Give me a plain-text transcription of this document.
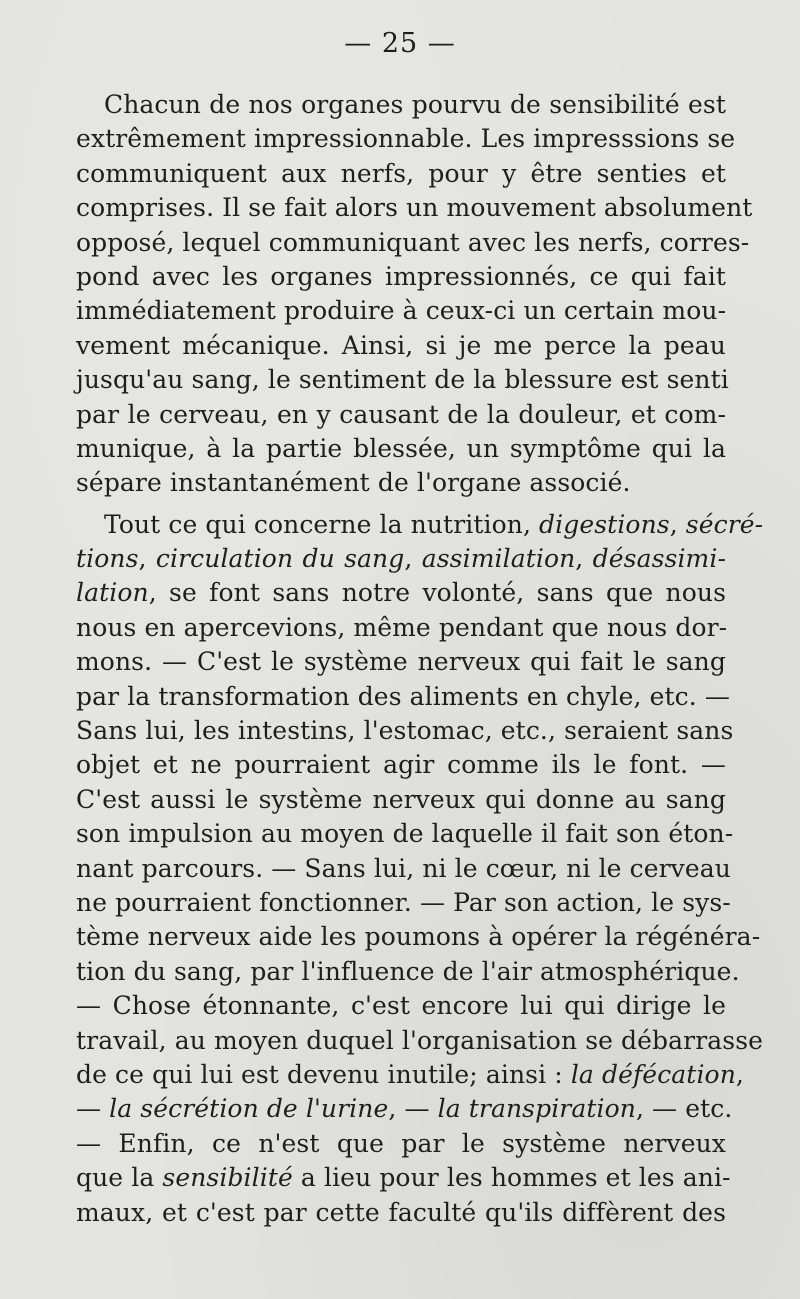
— 25 —
Chacun de nos organes pourvu de sensibilité est
extrêmement impressionnable. Les impresssions se
communiquent aux nerfs, pour y être senties et
comprises. Il se fait alors un mouvement absolument
opposé, lequel communiquant avec les nerfs, corres-
pond avec les organes impressionnés, ce qui fait
immédiatement produire à ceux-ci un certain mou-
vement mécanique. Ainsi, si je me perce la peau
jusqu'au sang, le sentiment de la blessure est senti
par le cerveau, en y causant de la douleur, et com-
munique, à la partie blessée, un symptôme qui la
sépare instantanément de l'organe associé.
Tout ce qui concerne la nutrition, digestions, sécré-
tions, circulation du sang, assimilation, désassimi-
lation, se font sans notre volonté, sans que nous
nous en apercevions, même pendant que nous dor-
mons. — C'est le système nerveux qui fait le sang
par la transformation des aliments en chyle, etc. —
Sans lui, les intestins, l'estomac, etc., seraient sans
objet et ne pourraient agir comme ils le font. —
C'est aussi le système nerveux qui donne au sang
son impulsion au moyen de laquelle il fait son éton-
nant parcours. — Sans lui, ni le cœur, ni le cerveau
ne pourraient fonctionner. — Par son action, le sys-
tème nerveux aide les poumons à opérer la régénéra-
tion du sang, par l'influence de l'air atmosphérique.
— Chose étonnante, c'est encore lui qui dirige le
travail, au moyen duquel l'organisation se débarrasse
de ce qui lui est devenu inutile; ainsi : la défécation,
— la sécrétion de l'urine, — la transpiration, — etc.
— Enfin, ce n'est que par le système nerveux
que la sensibilité a lieu pour les hommes et les ani-
maux, et c'est par cette faculté qu'ils diffèrent des
